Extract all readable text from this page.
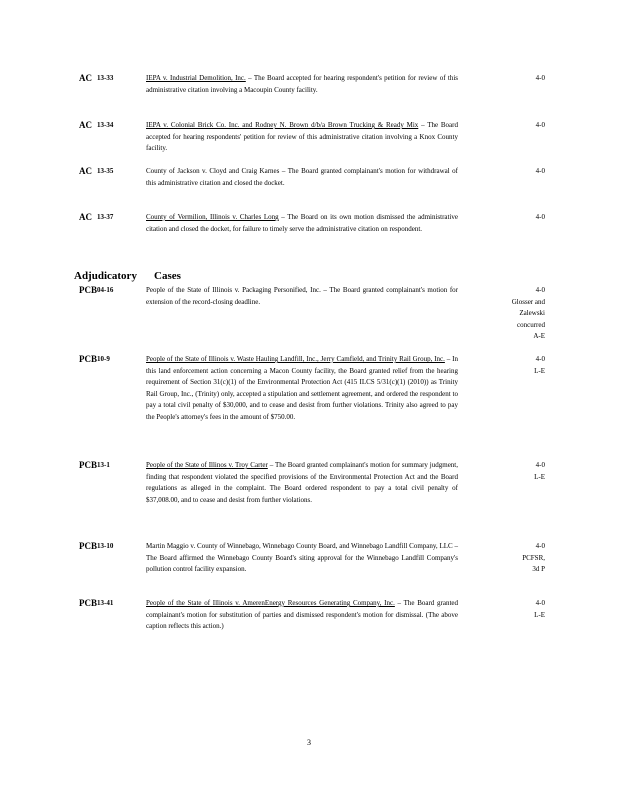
AC 13-33	IEPA v. Industrial Demolition, Inc. – The Board accepted for hearing respondent's petition for review of this administrative citation involving a Macoupin County facility.
4-0
AC 13-34	IEPA v. Colonial Brick Co. Inc. and Rodney N. Brown d/b/a Brown Trucking & Ready Mix – The Board accepted for hearing respondents' petition for review of this administrative citation involving a Knox County facility.
4-0
AC 13-35	County of Jackson v. Cloyd and Craig Karnes – The Board granted complainant's motion for withdrawal of this administrative citation and closed the docket.
4-0
AC 13-37	County of Vermilion, Illinois v. Charles Long – The Board on its own motion dismissed the administrative citation and closed the docket, for failure to timely serve the administrative citation on respondent.
4-0
Adjudicatory Cases
PCB 04-16	People of the State of Illinois v. Packaging Personified, Inc. – The Board granted complainant's motion for extension of the record-closing deadline.
4-0
Glosser and
Zalewski
concurred
A-E
PCB 10-9	People of the State of Illinois v. Waste Hauling Landfill, Inc., Jerry Camfield, and Trinity Rail Group, Inc. – In this land enforcement action concerning a Macon County facility, the Board granted relief from the hearing requirement of Section 31(c)(1) of the Environmental Protection Act (415 ILCS 5/31(c)(1) (2010)) as Trinity Rail Group, Inc., (Trinity) only, accepted a stipulation and settlement agreement, and ordered the respondent to pay a total civil penalty of $30,000, and to cease and desist from further violations. Trinity also agreed to pay the People's attorney's fees in the amount of $750.00.
4-0
L-E
PCB 13-1	People of the State of Illinos v. Troy Carter – The Board granted complainant's motion for summary judgment, finding that respondent violated the specified provisions of the Environmental Protection Act and the Board regulations as alleged in the complaint. The Board ordered respondent to pay a total civil penalty of $37,008.00, and to cease and desist from further violations.
4-0
L-E
PCB 13-10	Martin Maggio v. County of Winnebago, Winnebago County Board, and Winnebago Landfill Company, LLC – The Board affirmed the Winnebago County Board's siting approval for the Winnebago Landfill Company's pollution control facility expansion.
4-0
PCFSR,
3d P
PCB 13-41	People of the State of Illinois v. AmerenEnergy Resources Generating Company, Inc. – The Board granted complainant's motion for substitution of parties and dismissed respondent's motion for dismissal. (The above caption reflects this action.)
4-0
L-E
3
